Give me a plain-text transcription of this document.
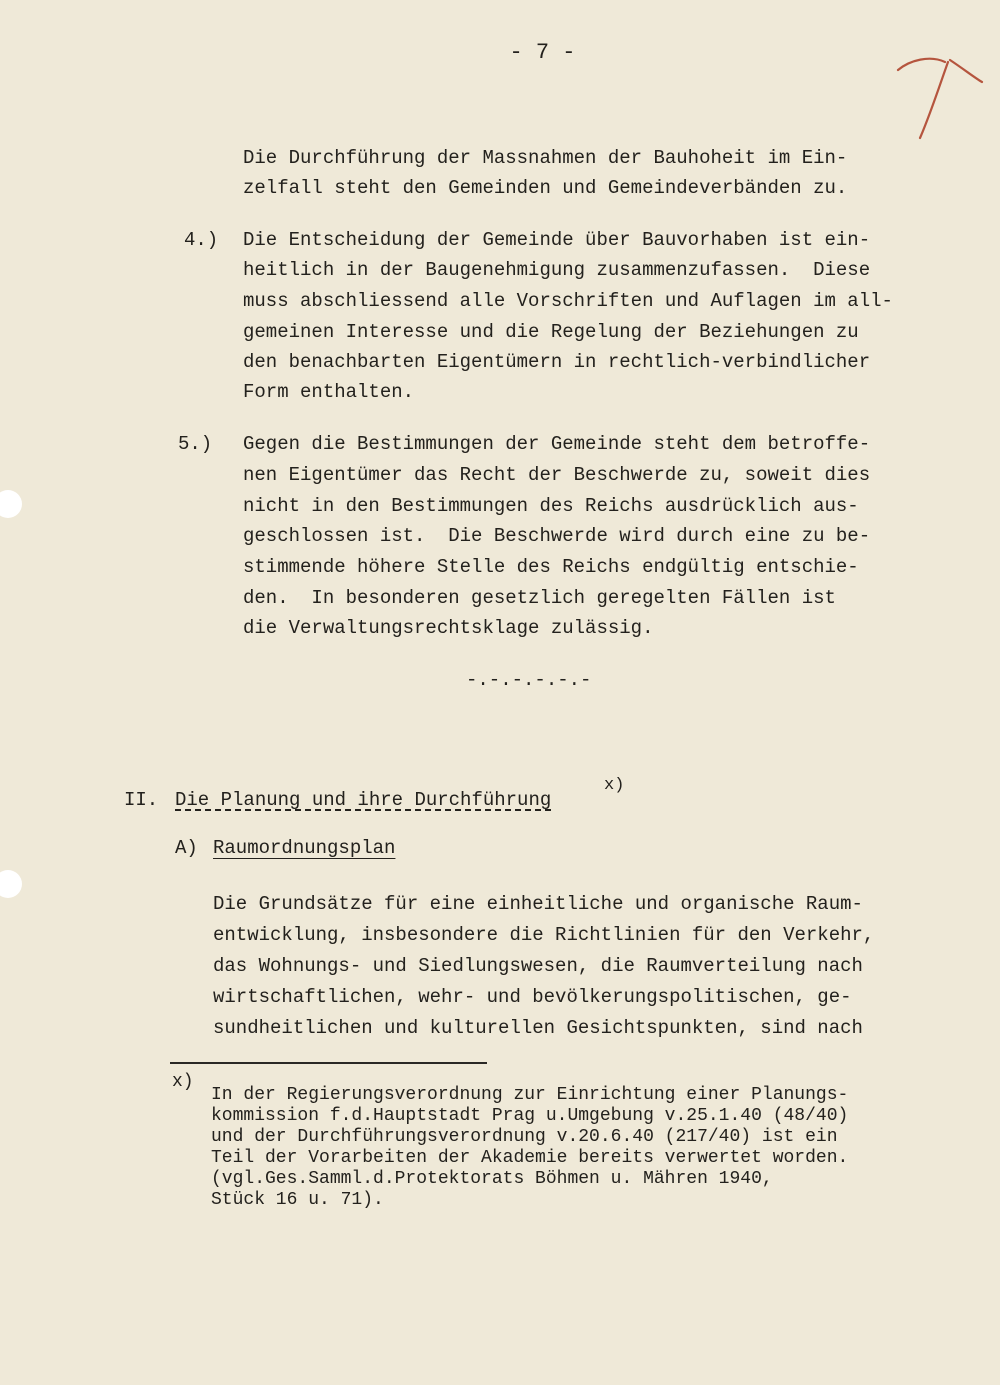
- 7 -
Die Durchführung der Massnahmen der Bauhoheit im Ein-
zelfall steht den Gemeinden und Gemeindeverbänden zu.
4.) Die Entscheidung der Gemeinde über Bauvorhaben ist ein-
heitlich in der Baugenehmigung zusammenzufassen.  Diese
muss abschliessend alle Vorschriften und Auflagen im all-
gemeinen Interesse und die Regelung der Beziehungen zu
den benachbarten Eigentümern in rechtlich-verbindlicher
Form enthalten.
5.) Gegen die Bestimmungen der Gemeinde steht dem betroffe-
nen Eigentümer das Recht der Beschwerde zu, soweit dies
nicht in den Bestimmungen des Reichs ausdrücklich aus-
geschlossen ist.  Die Beschwerde wird durch eine zu be-
stimmende höhere Stelle des Reichs endgültig entschie-
den.  In besonderen gesetzlich geregelten Fällen ist
die Verwaltungsrechtsklage zulässig.
-.-.-.-.-.-
II. Die Planung und ihre Durchführung
x)
A) Raumordnungsplan
Die Grundsätze für eine einheitliche und organische Raum-
entwicklung, insbesondere die Richtlinien für den Verkehr,
das Wohnungs- und Siedlungswesen, die Raumverteilung nach
wirtschaftlichen, wehr- und bevölkerungspolitischen, ge-
sundheitlichen und kulturellen Gesichtspunkten, sind nach
x)
In der Regierungsverordnung zur Einrichtung einer Planungs-
kommission f.d.Hauptstadt Prag u.Umgebung v.25.1.40 (48/40)
und der Durchführungsverordnung v.20.6.40 (217/40) ist ein
Teil der Vorarbeiten der Akademie bereits verwertet worden.
(vgl.Ges.Samml.d.Protektorats Böhmen u. Mähren 1940,
Stück 16 u. 71).
